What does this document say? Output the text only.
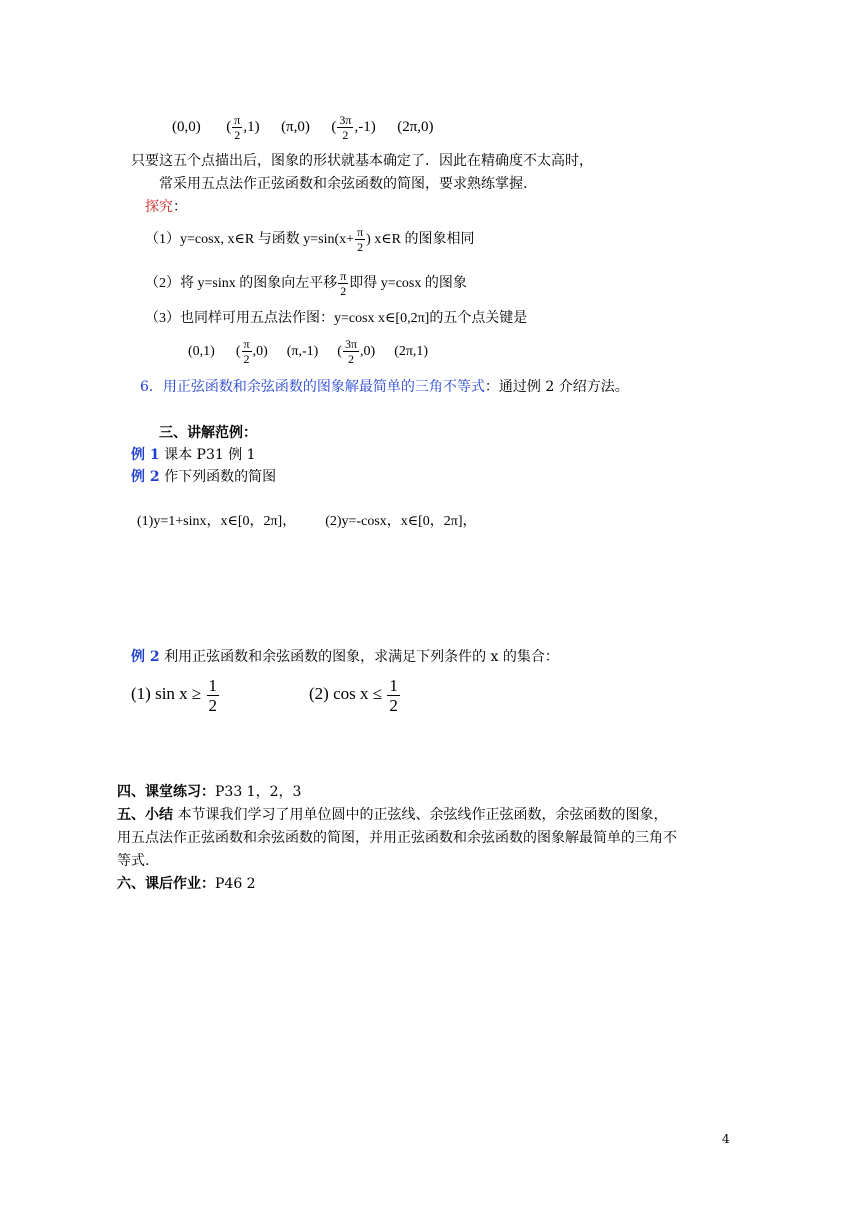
(0,0) ( $\frac{\pi}{2} ,1$) (π,0) ( $\frac{3\pi}{2} ,-1$) (2π,0)
只要这五个点描出后，图象的形状就基本确定了．因此在精确度不太高时，
常采用五点法作正弦函数和余弦函数的简图，要求熟练掌握.
探究：
（1）y=cosx, x∈R 与函数 $y=\sin(x+ \frac{\pi}{2}$ ) x∈R 的图象相同
（2）将 y=sinx 的图象向左平移 $\frac{\pi}{2}$ 即得 y=cosx 的图象
（3）也同样可用五点法作图：y=cosx x∈[0,2π]的五个点关键是
(0,1) ( $\frac{\pi}{2} ,0$) (π,-1) ( $\frac{3\pi}{2} ,0$) (2π,1)
6．用正弦函数和余弦函数的图象解最简单的三角不等式：通过例 2 介绍方法。
三、讲解范例：
例 1 课本 P31 例 1
例 2 作下列函数的简图
(1)y=1+sinx，x∈[0，2π]， (2)y=-cosx，x∈[0，2π]，
例 2 利用正弦函数和余弦函数的图象，求满足下列条件的 x 的集合：
(1) $\sin x \ge \frac{1}{2}$	(2) $\cos x \le \frac{1}{2}$
四、课堂练习：P33 1，2，3
五、小结 本节课我们学习了用单位圆中的正弦线、余弦线作正弦函数，余弦函数的图象，
用五点法作正弦函数和余弦函数的简图，并用正弦函数和余弦函数的图象解最简单的三角不
等式.
六、课后作业：P46 2
4
